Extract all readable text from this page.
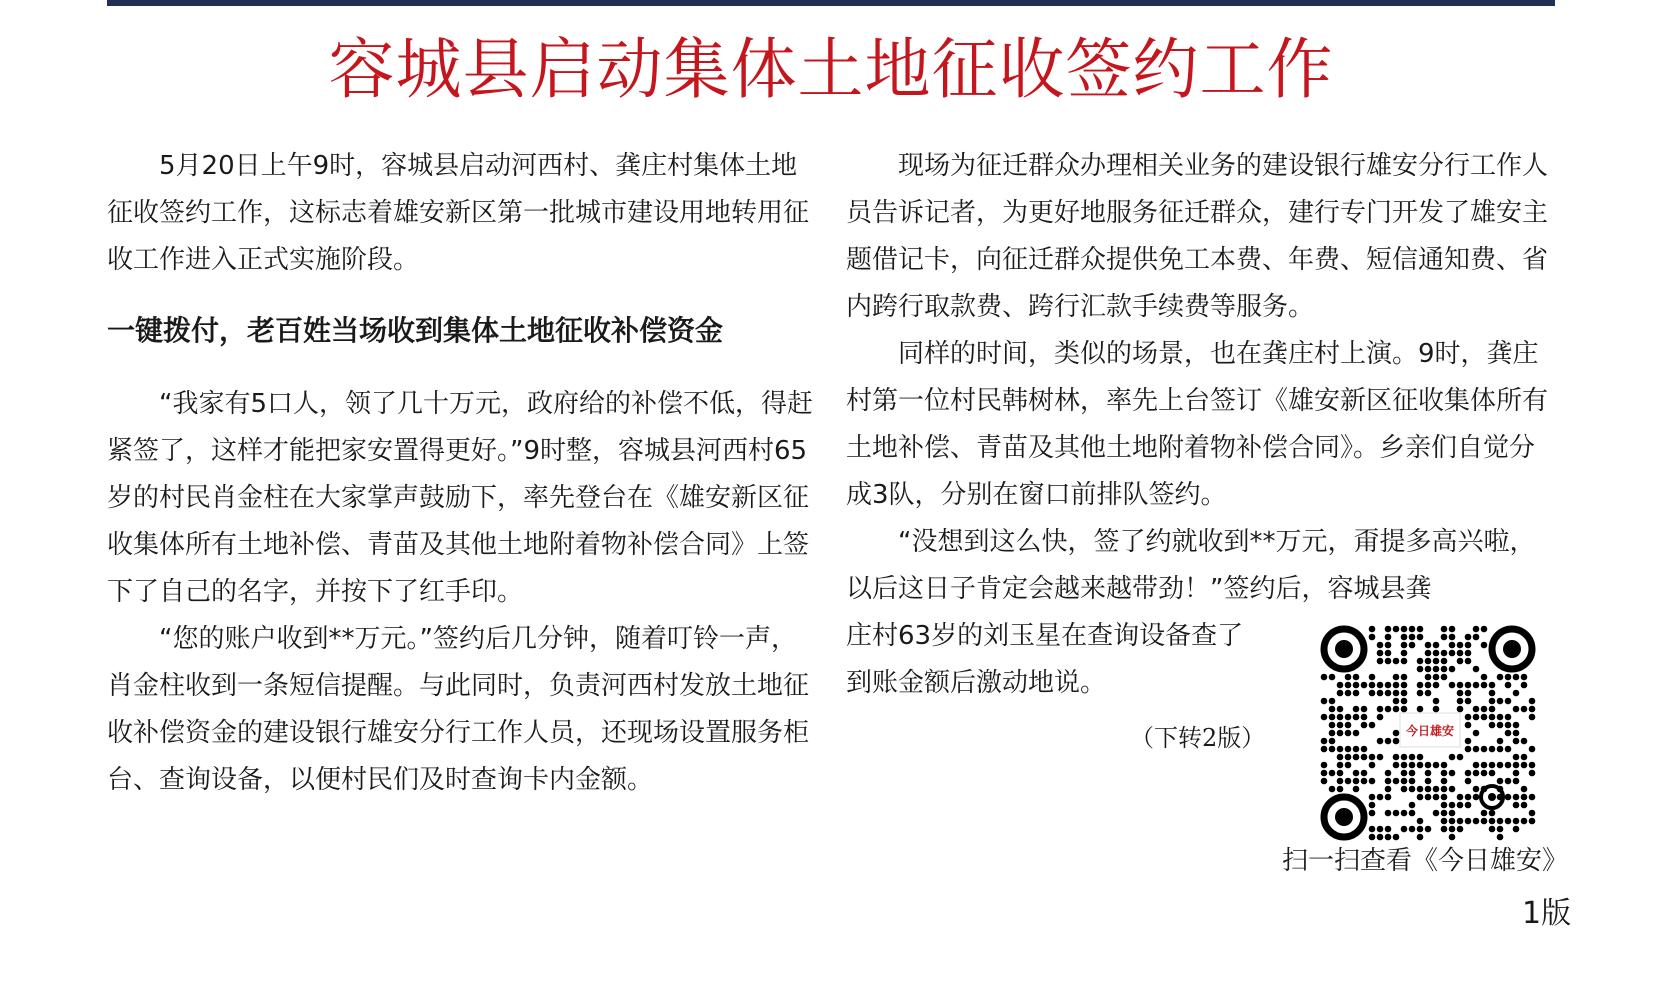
容城县启动集体土地征收签约工作

5月20日上午9时，容城县启动河西村、龚庄村集体土地征收签约工作，这标志着雄安新区第一批城市建设用地转用征收工作进入正式实施阶段。

一键拨付，老百姓当场收到集体土地征收补偿资金

“我家有5口人，领了几十万元，政府给的补偿不低，得赶紧签了，这样才能把家安置得更好。”9时整，容城县河西村65岁的村民肖金柱在大家掌声鼓励下，率先登台在《雄安新区征收集体所有土地补偿、青苗及其他土地附着物补偿合同》上签下了自己的名字，并按下了红手印。

“您的账户收到**万元。”签约后几分钟，随着叮铃一声，肖金柱收到一条短信提醒。与此同时，负责河西村发放土地征收补偿资金的建设银行雄安分行工作人员，还现场设置服务柜台、查询设备，以便村民们及时查询卡内金额。

现场为征迁群众办理相关业务的建设银行雄安分行工作人员告诉记者，为更好地服务征迁群众，建行专门开发了雄安主题借记卡，向征迁群众提供免工本费、年费、短信通知费、省内跨行取款费、跨行汇款手续费等服务。

同样的时间，类似的场景，也在龚庄村上演。9时，龚庄村第一位村民韩树林，率先上台签订《雄安新区征收集体所有土地补偿、青苗及其他土地附着物补偿合同》。乡亲们自觉分成3队，分别在窗口前排队签约。

“没想到这么快，签了约就收到**万元，甭提多高兴啦，以后这日子肯定会越来越带劲！”签约后，容城县龚

庄村63岁的刘玉星在查询设备查了

到账金额后激动地说。

（下转2版）	今日雄安
扫一扫查看《今日雄安》
1版
